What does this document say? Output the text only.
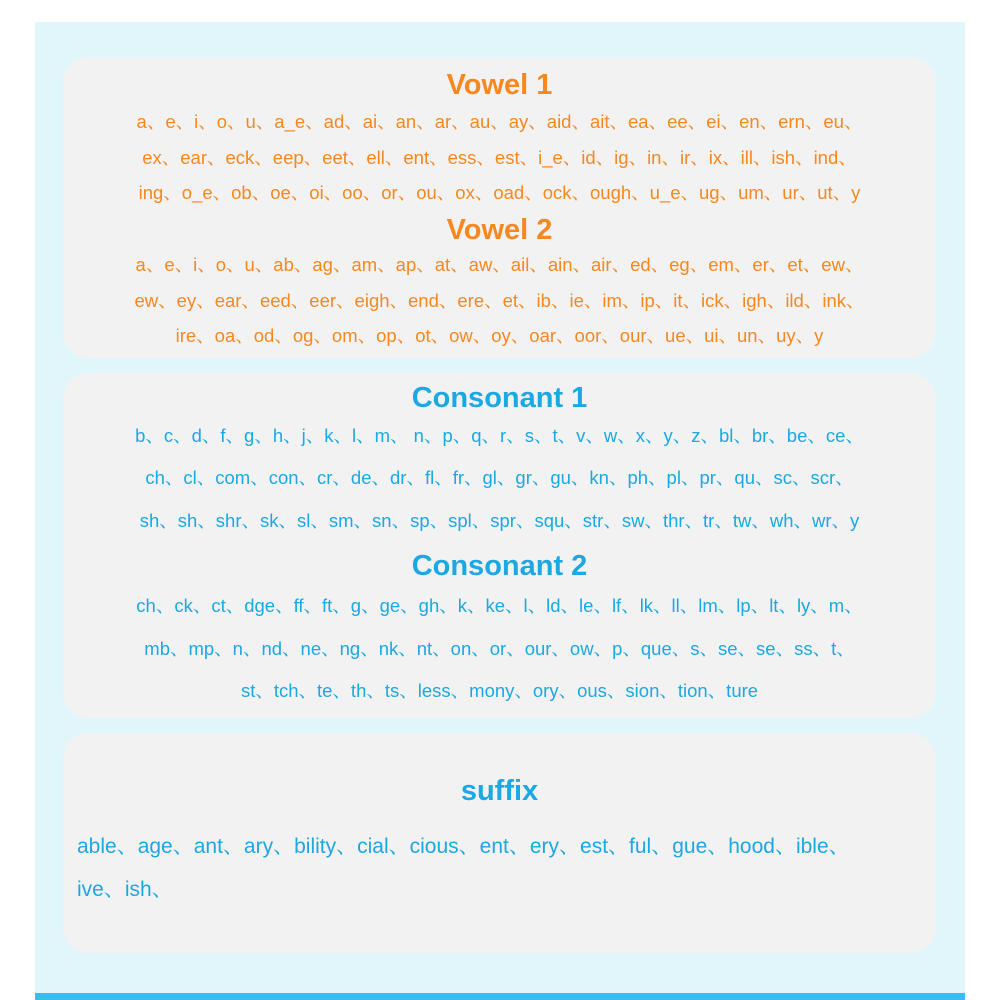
Vowel 1

a、e、i、o、u、a_e、ad、ai、an、ar、au、ay、aid、ait、ea、ee、ei、en、ern、eu、

ex、ear、eck、eep、eet、ell、ent、ess、est、i_e、id、ig、in、ir、ix、ill、ish、ind、

ing、o_e、ob、oe、oi、oo、or、ou、ox、oad、ock、ough、u_e、ug、um、ur、ut、y

Vowel 2

a、e、i、o、u、ab、ag、am、ap、at、aw、ail、ain、air、ed、eg、em、er、et、ew、

ew、ey、ear、eed、eer、eigh、end、ere、et、ib、ie、im、ip、it、ick、igh、ild、ink、

ire、oa、od、og、om、op、ot、ow、oy、oar、oor、our、ue、ui、un、uy、y

Consonant 1

b、c、d、f、g、h、j、k、l、m、 n、p、q、r、s、t、v、w、x、y、z、bl、br、be、ce、

ch、cl、com、con、cr、de、dr、fl、fr、gl、gr、gu、kn、ph、pl、pr、qu、sc、scr、

sh、sh、shr、sk、sl、sm、sn、sp、spl、spr、squ、str、sw、thr、tr、tw、wh、wr、y

Consonant 2

ch、ck、ct、dge、ff、ft、g、ge、gh、k、ke、l、ld、le、lf、lk、ll、lm、lp、lt、ly、m、

mb、mp、n、nd、ne、ng、nk、nt、on、or、our、ow、p、que、s、se、se、ss、t、

st、tch、te、th、ts、less、mony、ory、ous、sion、tion、ture

suffix

able、age、ant、ary、bility、cial、cious、ent、ery、est、ful、gue、hood、ible、

ive、ish、
